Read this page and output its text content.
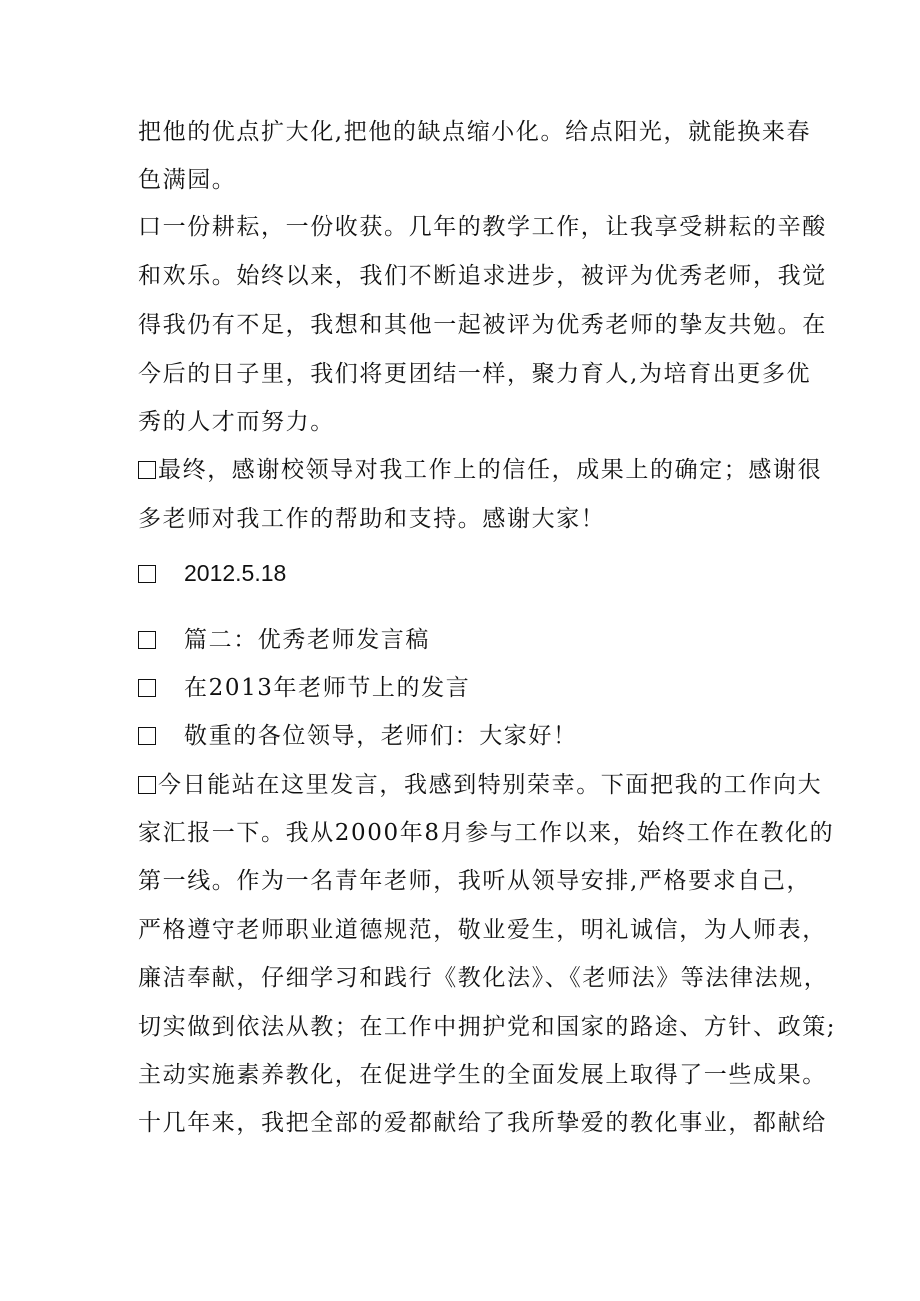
把他的优点扩大化,把他的缺点缩小化。给点阳光，就能换来春
色满园。
口一份耕耘，一份收获。几年的教学工作，让我享受耕耘的辛酸
和欢乐。始终以来，我们不断追求进步，被评为优秀老师，我觉
得我仍有不足，我想和其他一起被评为优秀老师的挚友共勉。在
今后的日子里，我们将更团结一样，聚力育人,为培育出更多优
秀的人才而努力。
最终，感谢校领导对我工作上的信任，成果上的确定；感谢很
多老师对我工作的帮助和支持。感谢大家！
2012.5.18
篇二：优秀老师发言稿
在2013年老师节上的发言
敬重的各位领导，老师们：大家好！
今日能站在这里发言，我感到特别荣幸。下面把我的工作向大
家汇报一下。我从2000年8月参与工作以来，始终工作在教化的
第一线。作为一名青年老师，我听从领导安排,严格要求自己，
严格遵守老师职业道德规范，敬业爱生，明礼诚信，为人师表，
廉洁奉献，仔细学习和践行《教化法》、《老师法》等法律法规，
切实做到依法从教；在工作中拥护党和国家的路途、方针、政策;
主动实施素养教化，在促进学生的全面发展上取得了一些成果。
十几年来，我把全部的爱都献给了我所挚爱的教化事业，都献给
